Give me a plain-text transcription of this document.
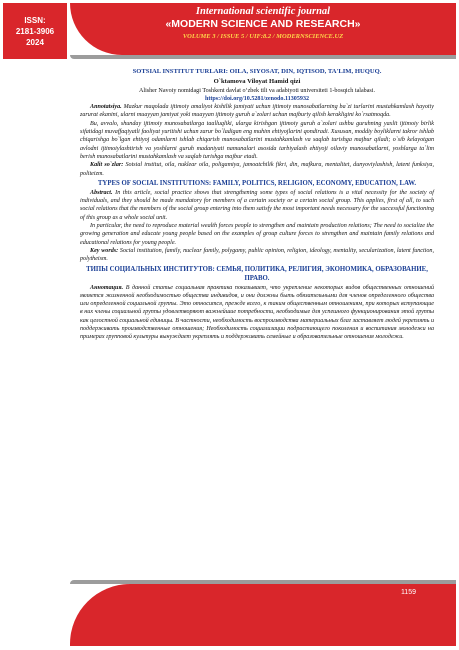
ISSN:
2181-3906
2024
International scientific journal
«MODERN SCIENCE AND RESEARCH»
VOLUME 3 / ISSUE 5 / UIF:8.2 / MODERNSCIENCE.UZ
SOTSIAL INSTITUT TURLARI: OILA, SIYOSAT, DIN, IQTISOD, TA'LIM, HUQUQ.
O`ktamova Viloyat Hamid qizi
Alisher Navoiy nomidagi Toshkent davlat o‘zbek tili va adabiyoti universiteti 1-bosqich talabasi.
https://doi.org/10.5281/zenodo.11305932

Annotatsiya. Mazkur maqolada ijtimoiy amaliyot kishilik jamiyati uchun ijtimoiy munosabatlarning ba`zi turlarini mustahkamlash hayotiy zarurat ekanini, ularni muayyan jamiyat yoki muayyan ijtimoiy guruh a`zolari uchun majburiy qilish kerakligini ko`rsatmoqda.

Bu, avvalo, shunday ijtimoiy munosabatlarga taalluqliki, ularga kirishgan ijtimoiy guruh a`zolari ushbu guruhning yaxlit ijtimoiy birlik sifatidagi muvaffaqiyatli faoliyat yuritishi uchun zarur bo`ladigan eng muhim ehtiyojlarini qondiradi. Xususan, moddiy boyliklarni takror ishlab chiqarishga bo`lgan ehtiyoj odamlarni ishlab chiqarish munosabatlarini mustahkamlash va saqlab turishga majbur qiladi; o`sib kelayotgan avlodni ijtimoiylashtirish va yoshlarni guruh madaniyati namunalari asosida tarbiyalash ehtiyoji oilaviy munosabatlarni, yoshlarga ta`lim berish munosabatlarini mustahkamlash va saqlab turishga majbur etadi.

Kalit so`zlar: Sotsial institut, oila, nuklear oila, poligamiya, jamoatchilik fikri, din, mafkura, mentalitet, dunyoviylashish, latent funksiya, politeizm.

TYPES OF SOCIAL INSTITUTIONS: FAMILY, POLITICS, RELIGION, ECONOMY, EDUCATION, LAW.

Abstract. In this article, social practice shows that strengthening some types of social relations is a vital necessity for the society of individuals, and they should be made mandatory for members of a certain society or a certain social group. This applies, first of all, to such social relations that the members of the social group entering into them satisfy the most important needs necessary for the successful functioning of this group as a whole social unit.

In particular, the need to reproduce material wealth forces people to strengthen and maintain production relations; The need to socialize the growing generation and educate young people based on the examples of group culture forces to strengthen and maintain family relations and educational relations for young people.

Key words: Social institution, family, nuclear family, polygamy, public opinion, religion, ideology, mentality, secularization, latent function, polytheism.

ТИПЫ СОЦИАЛЬНЫХ ИНСТИТУТОВ: СЕМЬЯ, ПОЛИТИКА, РЕЛИГИЯ, ЭКОНОМИКА, ОБРАЗОВАНИЕ, ПРАВО.

Аннотация. В данной статье социальная практика показывает, что укрепление некоторых видов общественных отношений является жизненной необходимостью общества индивидов, и они должны быть обязательными для членов определенного общества или определенной социальной группы. Это относится, прежде всего, к таким общественным отношениям, при которых вступающие в них члены социальной группы удовлетворяют важнейшие потребности, необходимые для успешного функционирования этой группы как целостной социальной единицы. В частности, необходимость воспроизводства материальных благ заставляет людей укреплять и поддерживать производственные отношения; Необходимость социализации подрастающего поколения и воспитания молодежи на примерах групповой культуры вынуждает укреплять и поддерживать семейные и образовательные отношения молодежи.

1159
